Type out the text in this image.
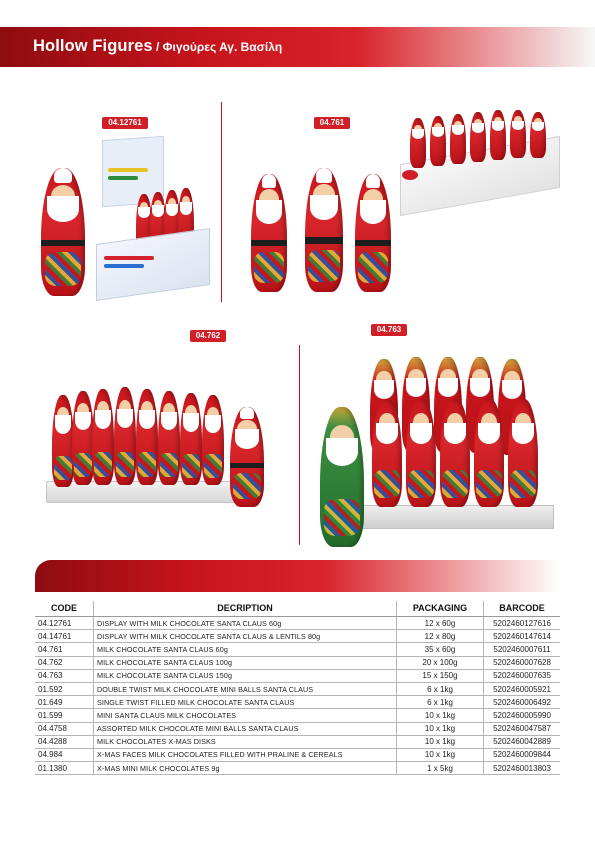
Hollow Figures / Φιγούρες Αγ. Βασίλη
04.12761	04.761
04.762
04.763
CODE	DECRIPTION	PACKAGING	BARCODE
04.12761	DISPLAY WITH MILK CHOCOLATE SANTA CLAUS 60g	12 x 60g	5202460127616
04.14761	DISPLAY WITH MILK CHOCOLATE SANTA CLAUS & LENTILS 80g	12 x 80g	5202460147614
04.761	MILK CHOCOLATE SANTA CLAUS 60g	35 x 60g	5202460007611
04.762	MILK CHOCOLATE SANTA CLAUS 100g	20 x 100g	5202460007628
04.763	MILK CHOCOLATE SANTA CLAUS 150g	15 x 150g	5202460007635
01.592	DOUBLE TWIST MILK CHOCOLATE MINI BALLS SANTA CLAUS	6 x 1kg	5202460005921
01.649	SINGLE TWIST FILLED MILK CHOCOLATE SANTA CLAUS	6 x 1kg	5202460006492
01.599	MINI SANTA CLAUS MILK CHOCOLATES	10 x 1kg	5202460005990
04.4758	ASSORTED MILK CHOCOLATE MINI BALLS SANTA CLAUS	10 x 1kg	5202460047587
04.4288	MILK CHOCOLATES X-MAS DISKS	10 x 1kg	5202460042889
04.984	X-MAS FACES MILK CHOCOLATES FILLED WITH PRALINE & CEREALS	10 x 1kg	5202460009844
01.1380	X-MAS MINI MILK CHOCOLATES 9g	1 x 5kg	5202460013803
